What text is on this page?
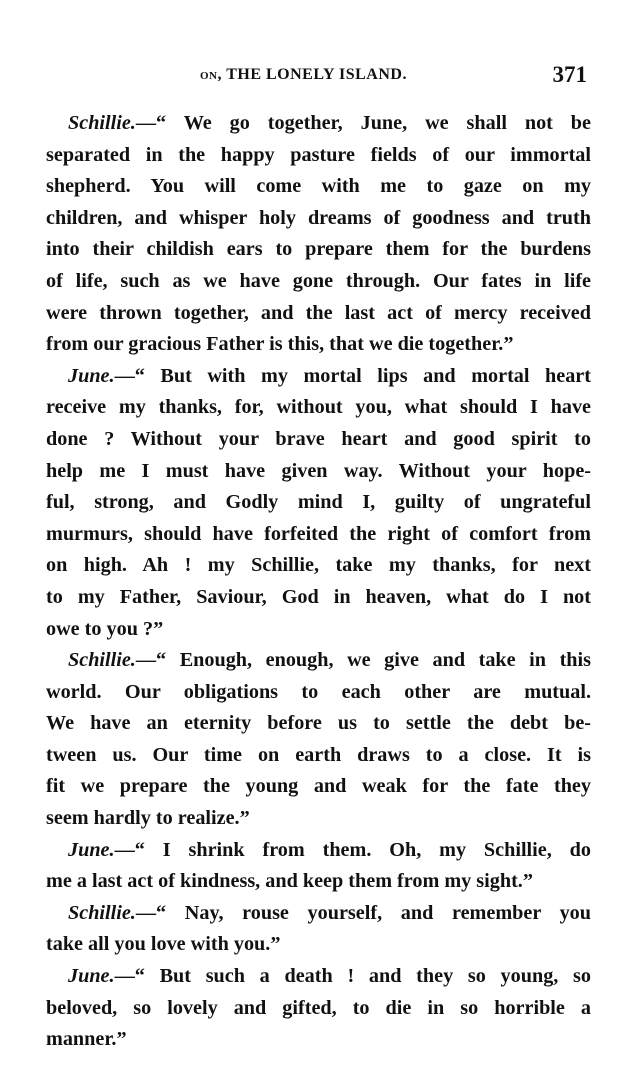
on, THE LONELY ISLAND.	371
Schillie.—“ We go together, June, we shall not be
separated in the happy pasture fields of our immortal
shepherd. You will come with me to gaze on my
children, and whisper holy dreams of goodness and truth
into their childish ears to prepare them for the burdens
of life, such as we have gone through. Our fates in life
were thrown together, and the last act of mercy received
from our gracious Father is this, that we die together.”
June.—“ But with my mortal lips and mortal heart
receive my thanks, for, without you, what should I have
done ? Without your brave heart and good spirit to
help me I must have given way. Without your hope-
ful, strong, and Godly mind I, guilty of ungrateful
murmurs, should have forfeited the right of comfort from
on high. Ah ! my Schillie, take my thanks, for next
to my Father, Saviour, God in heaven, what do I not
owe to you ?”
Schillie.—“ Enough, enough, we give and take in this
world. Our obligations to each other are mutual.
We have an eternity before us to settle the debt be-
tween us. Our time on earth draws to a close. It is
fit we prepare the young and weak for the fate they
seem hardly to realize.”
June.—“ I shrink from them. Oh, my Schillie, do
me a last act of kindness, and keep them from my sight.”
Schillie.—“ Nay, rouse yourself, and remember you
take all you love with you.”
June.—“ But such a death ! and they so young, so
beloved, so lovely and gifted, to die in so horrible a
manner.”
